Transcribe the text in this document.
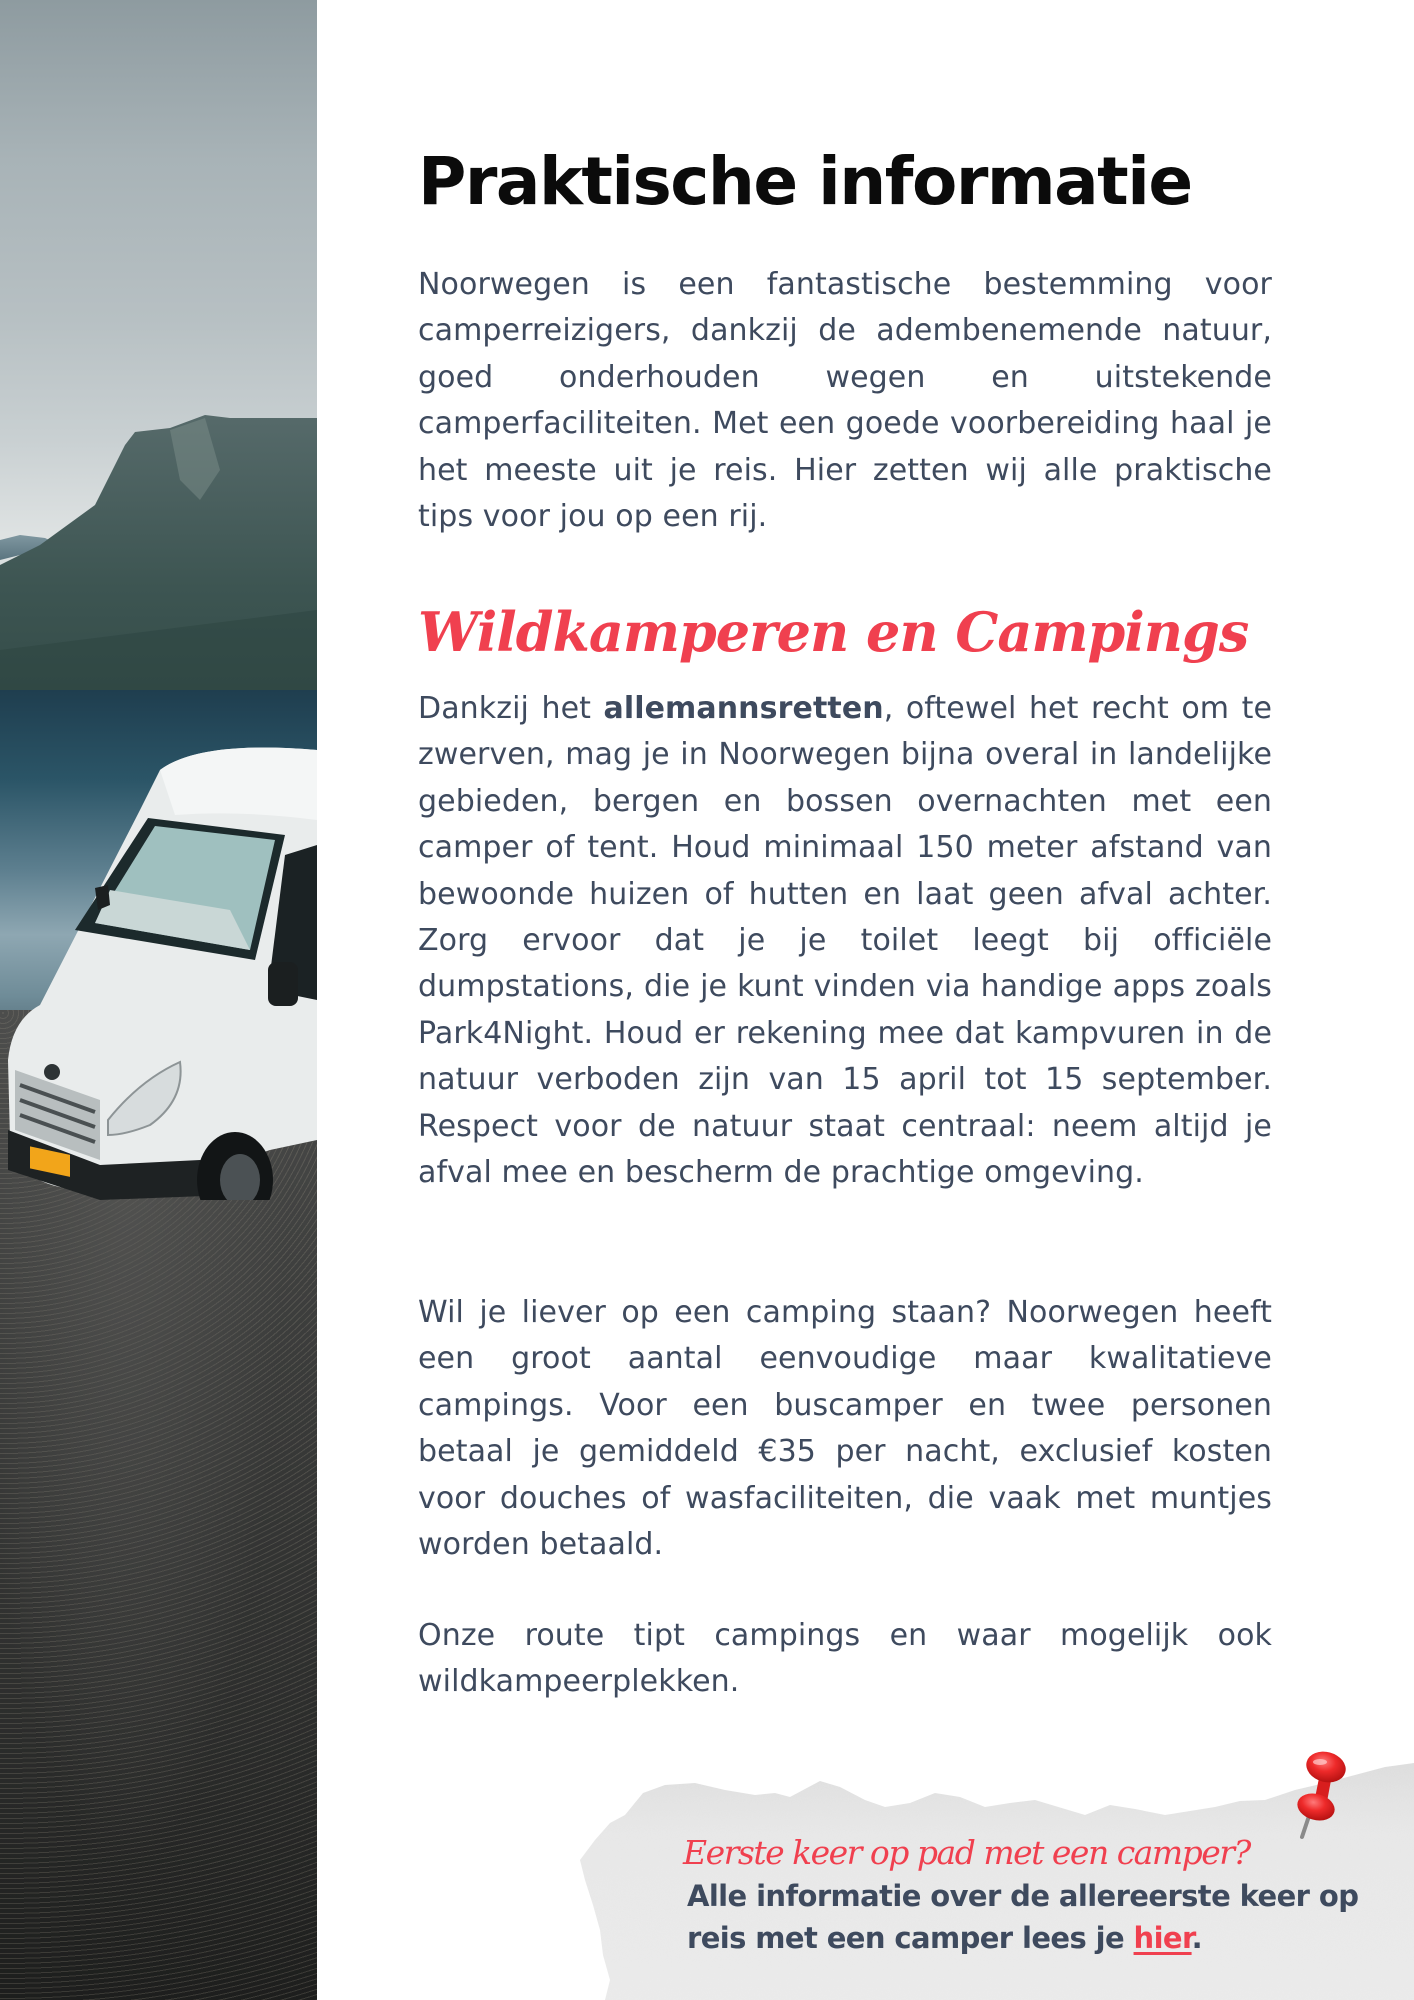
Praktische informatie

Noorwegen is een fantastische bestemming voor camperreizigers, dankzij de adembenemende natuur, goed onderhouden wegen en uitstekende camperfaciliteiten. Met een goede voorbereiding haal je het meeste uit je reis. Hier zetten wij alle praktische tips voor jou op een rij.

Wildkamperen en Campings

Dankzij het allemannsretten, oftewel het recht om te zwerven, mag je in Noorwegen bijna overal in landelijke gebieden, bergen en bossen overnachten met een camper of tent. Houd minimaal 150 meter afstand van bewoonde huizen of hutten en laat geen afval achter. Zorg ervoor dat je je toilet leegt bij officiële dumpstations, die je kunt vinden via handige apps zoals Park4Night. Houd er rekening mee dat kampvuren in de natuur verboden zijn van 15 april tot 15 september. Respect voor de natuur staat centraal: neem altijd je afval mee en bescherm de prachtige omgeving.

Wil je liever op een camping staan? Noorwegen heeft een groot aantal eenvoudige maar kwalitatieve campings. Voor een buscamper en twee personen betaal je gemiddeld €35 per nacht, exclusief kosten voor douches of wasfaciliteiten, die vaak met muntjes worden betaald.

Onze route tipt campings en waar mogelijk ook wildkampeerplekken.

Eerste keer op pad met een camper?
Alle informatie over de allereerste keer op reis met een camper lees je hier.
